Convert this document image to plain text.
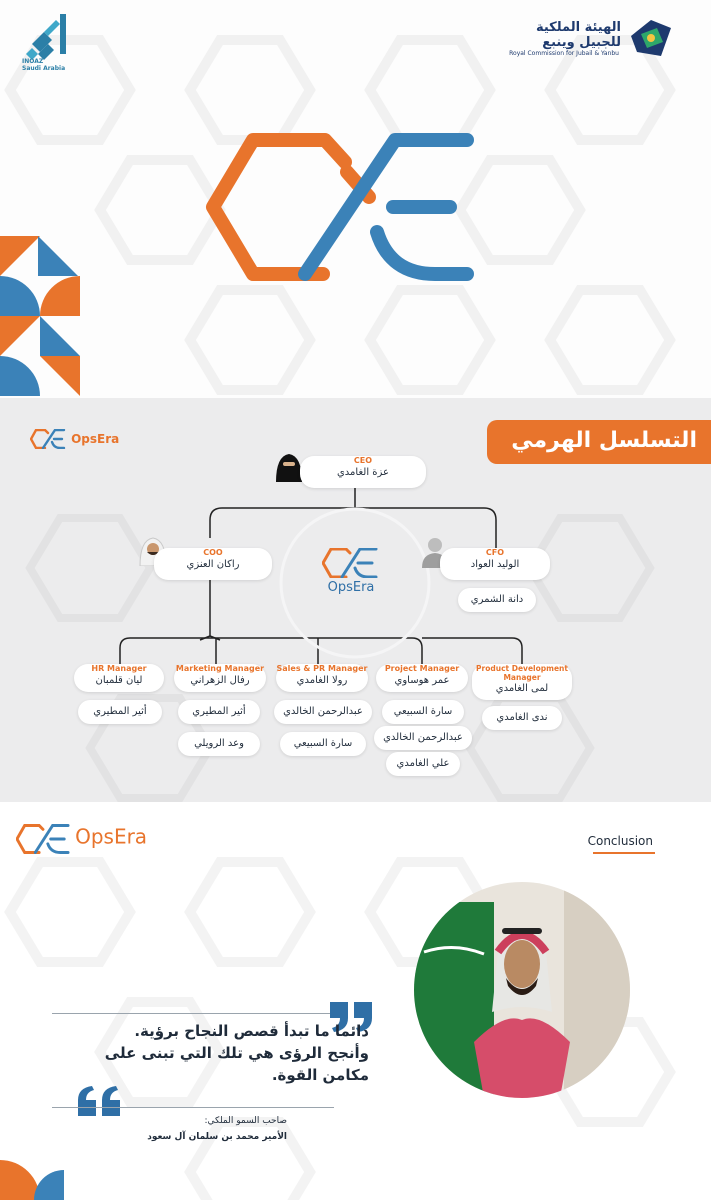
INOAZ
Saudi Arabia
الهيئة الملكية
للجبيل وينبع
Royal Commission for Jubail & Yanbu
OpsEra	التسلسل الهرمي
CEO
عزة الغامدي
COO
راكان العنزي
CFO
الوليد العواد
دانة الشمري
OpsEra
HR Manager
ليان قلمبان
أثير المطيري
Marketing Manager
رفال الزهراني
أثير المطيري
وعد الرويلي
Sales & PR Manager
رولا الغامدي
عبدالرحمن الخالدي
سارة السبيعي
Project Manager
عمر هوساوي
سارة السبيعي
عبدالرحمن الخالدي
علي الغامدي
Product Development Manager
لمى الغامدي
ندى الغامدي
OpsEra	Conclusion
دائما ما تبدأ قصص النجاح برؤية.
وأنجح الرؤى هي تلك التي تبنى على
مكامن القوة.
صاحب السمو الملكي:
الأمير محمد بن سلمان آل سعود
